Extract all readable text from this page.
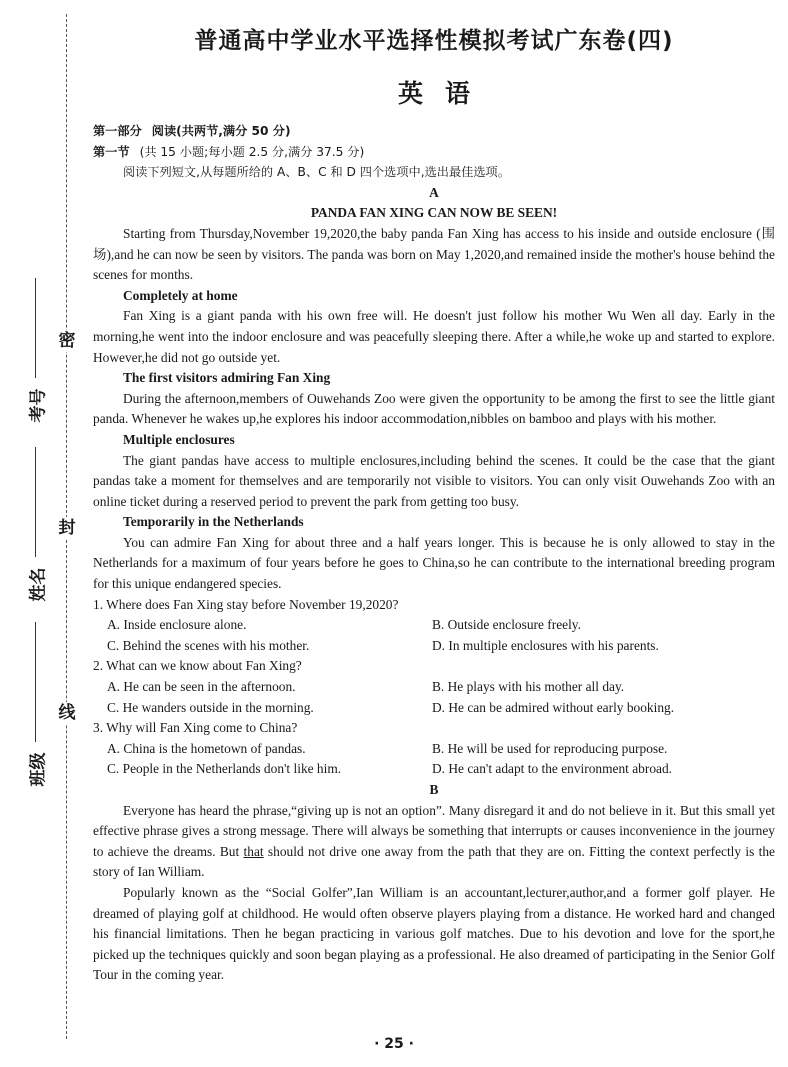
密
封
线
考号
姓名
班级
普通高中学业水平选择性模拟考试广东卷(四)
英语

第一部分 阅读(共两节,满分 50 分)

第一节 (共 15 小题;每小题 2.5 分,满分 37.5 分)

阅读下列短文,从每题所给的 A、B、C 和 D 四个选项中,选出最佳选项。

A

PANDA FAN XING CAN NOW BE SEEN!

Starting from Thursday,November 19,2020,the baby panda Fan Xing has access to his inside and outside enclosure (围场),and he can now be seen by visitors. The panda was born on May 1,2020,and remained inside the mother's house behind the scenes for months.

Completely at home

Fan Xing is a giant panda with his own free will. He doesn't just follow his mother Wu Wen all day. Early in the morning,he went into the indoor enclosure and was peacefully sleeping there. After a while,he woke up and started to explore. However,he did not go outside yet.

The first visitors admiring Fan Xing

During the afternoon,members of Ouwehands Zoo were given the opportunity to be among the first to see the little giant panda. Whenever he wakes up,he explores his indoor accommodation,nibbles on bamboo and plays with his mother.

Multiple enclosures

The giant pandas have access to multiple enclosures,including behind the scenes. It could be the case that the giant pandas take a moment for themselves and are temporarily not visible to visitors. You can only visit Ouwehands Zoo with an online ticket during a reserved period to prevent the park from getting too busy.

Temporarily in the Netherlands

You can admire Fan Xing for about three and a half years longer. This is because he is only allowed to stay in the Netherlands for a maximum of four years before he goes to China,so he can contribute to the international breeding program for this unique endangered species.

1. Where does Fan Xing stay before November 19,2020?

A. Inside enclosure alone.	B. Outside enclosure freely.
C. Behind the scenes with his mother.	D. In multiple enclosures with his parents.

2. What can we know about Fan Xing?

A. He can be seen in the afternoon.	B. He plays with his mother all day.
C. He wanders outside in the morning.	D. He can be admired without early booking.

3. Why will Fan Xing come to China?

A. China is the hometown of pandas.	B. He will be used for reproducing purpose.
C. People in the Netherlands don't like him.	D. He can't adapt to the environment abroad.

B

Everyone has heard the phrase,“giving up is not an option”. Many disregard it and do not believe in it. But this small yet effective phrase gives a strong message. There will always be something that interrupts or causes inconvenience in the journey to achieve the dreams. But that should not drive one away from the path that they are on. Fitting the context perfectly is the story of Ian William.

Popularly known as the “Social Golfer”,Ian William is an accountant,lecturer,author,and a former golf player. He dreamed of playing golf at childhood. He would often observe players playing from a distance. He worked hard and changed his financial limitations. Then he began practicing in various golf matches. Due to his devotion and love for the sport,he picked up the techniques quickly and soon began playing as a professional. He also dreamed of participating in the Senior Golf Tour in the coming year.

· 25 ·
